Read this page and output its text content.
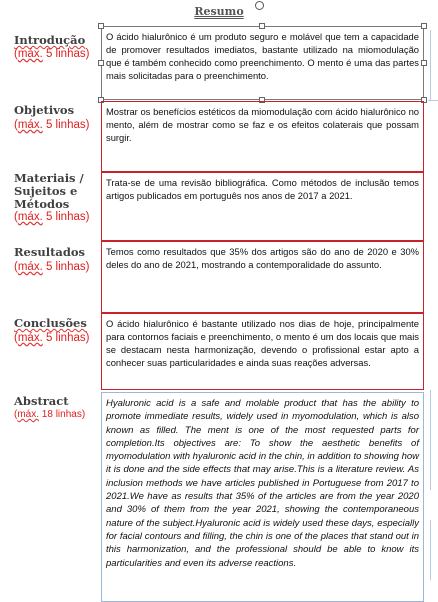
Resumo
Introdução
(máx. 5 linhas)
O ácido hialurônico é um produto seguro e molável que tem a capacidade de promover resultados imediatos, bastante utilizado na miomodulação que é também conhecido como preenchimento. O mento é uma das partes mais solicitadas para o preenchimento.
Objetivos
(máx. 5 linhas)
Mostrar os benefícios estéticos da miomodulação com ácido hialurônico no mento, além de mostrar como se faz e os efeitos colaterais que possam surgir.
Materiais /
Sujeitos e
Métodos
(máx. 5 linhas)
Trata-se de uma revisão bibliográfica. Como métodos de inclusão temos artigos publicados em português nos anos de 2017 a 2021.
Resultados
(máx. 5 linhas)
Temos como resultados que 35% dos artigos são do ano de 2020 e 30% deles do ano de 2021, mostrando a contemporalidade do assunto.
Conclusões
(máx. 5 linhas)
O ácido hialurônico é bastante utilizado nos dias de hoje, principalmente para contornos faciais e preenchimento, o mento é um dos locais que mais se destacam nesta harmonização, devendo o profissional estar apto a conhecer suas particularidades e ainda suas reações adversas.
Abstract
(máx. 18 linhas)
Hyaluronic acid is a safe and molable product that has the ability to promote immediate results, widely used in myomodulation, which is also known as filled. The ment is one of the most requested parts for completion.Its objectives are: To show the aesthetic benefits of myomodulation with hyaluronic acid in the chin, in addition to showing how it is done and the side effects that may arise.This is a literature review. As inclusion methods we have articles published in Portuguese from 2017 to 2021.We have as results that 35% of the articles are from the year 2020 and 30% of them from the year 2021, showing the contemporaneous nature of the subject.Hyaluronic acid is widely used these days, especially for facial contours and filling, the chin is one of the places that stand out in this harmonization, and the professional should be able to know its particularities and even its adverse reactions.
